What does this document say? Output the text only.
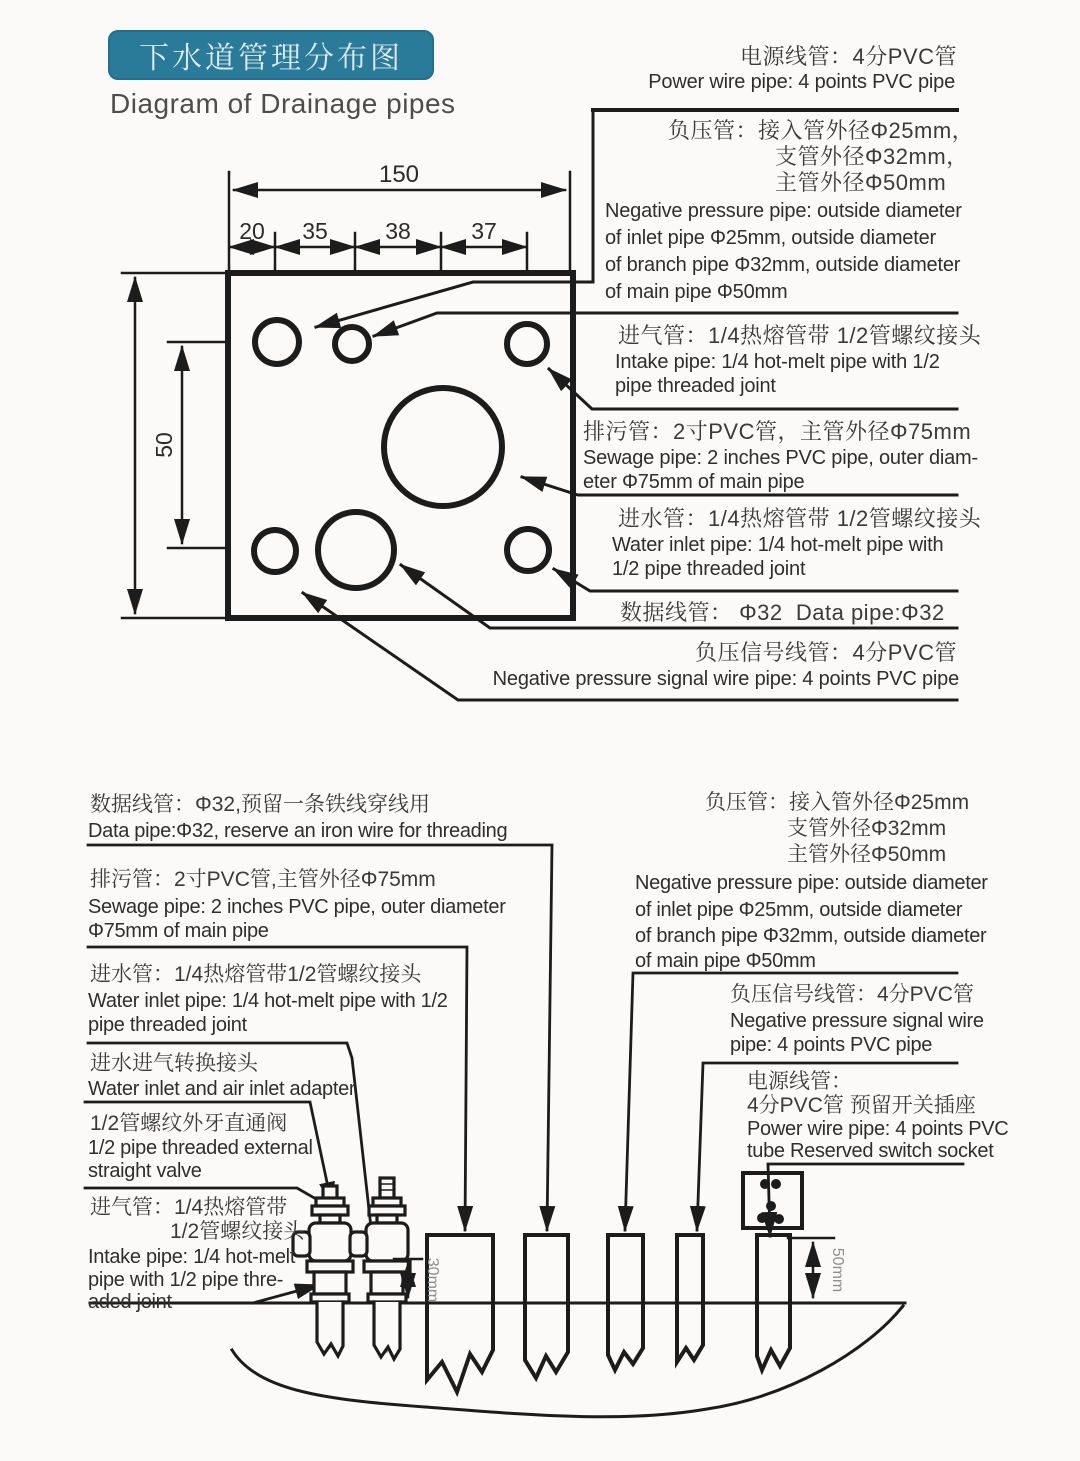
150
20 35 38	37
50
30mm	50mm
下水道管理分布图
Diagram of Drainage pipes
电源线管：4分PVC管
Power wire pipe: 4 points PVC pipe
负压管：接入管外径Φ25mm，
支管外径Φ32mm，
主管外径Φ50mm
Negative pressure pipe: outside diameter
of inlet pipe Φ25mm, outside diameter
of branch pipe Φ32mm, outside diameter
of main pipe Φ50mm
进气管：1/4热熔管带 1/2管螺纹接头
Intake pipe: 1/4 hot-melt pipe with 1/2
pipe threaded joint
排污管：2寸PVC管，主管外径Φ75mm
Sewage pipe: 2 inches PVC pipe, outer diam-
eter Φ75mm of main pipe
进水管：1/4热熔管带 1/2管螺纹接头
Water inlet pipe: 1/4 hot-melt pipe with
1/2 pipe threaded joint
数据线管： Φ32  Data pipe:Φ32
负压信号线管：4分PVC管
Negative pressure signal wire pipe: 4 points PVC pipe
数据线管：Φ32,预留一条铁线穿线用
Data pipe:Φ32, reserve an iron wire for threading
排污管：2寸PVC管,主管外径Φ75mm
Sewage pipe: 2 inches PVC pipe, outer diameter
Φ75mm of main pipe
进水管：1/4热熔管带1/2管螺纹接头
Water inlet pipe: 1/4 hot-melt pipe with 1/2
pipe threaded joint
进水进气转换接头
Water inlet and air inlet adapter
1/2管螺纹外牙直通阀
1/2 pipe threaded external
straight valve
进气管：1/4热熔管带
1/2管螺纹接头
Intake pipe: 1/4 hot-melt
pipe with 1/2 pipe thre-
aded joint
负压管：接入管外径Φ25mm
支管外径Φ32mm
主管外径Φ50mm
Negative pressure pipe: outside diameter
of inlet pipe Φ25mm, outside diameter
of branch pipe Φ32mm, outside diameter
of main pipe Φ50mm
负压信号线管：4分PVC管
Negative pressure signal wire
pipe: 4 points PVC pipe
电源线管：
4分PVC管 预留开关插座
Power wire pipe: 4 points PVC
tube Reserved switch socket
